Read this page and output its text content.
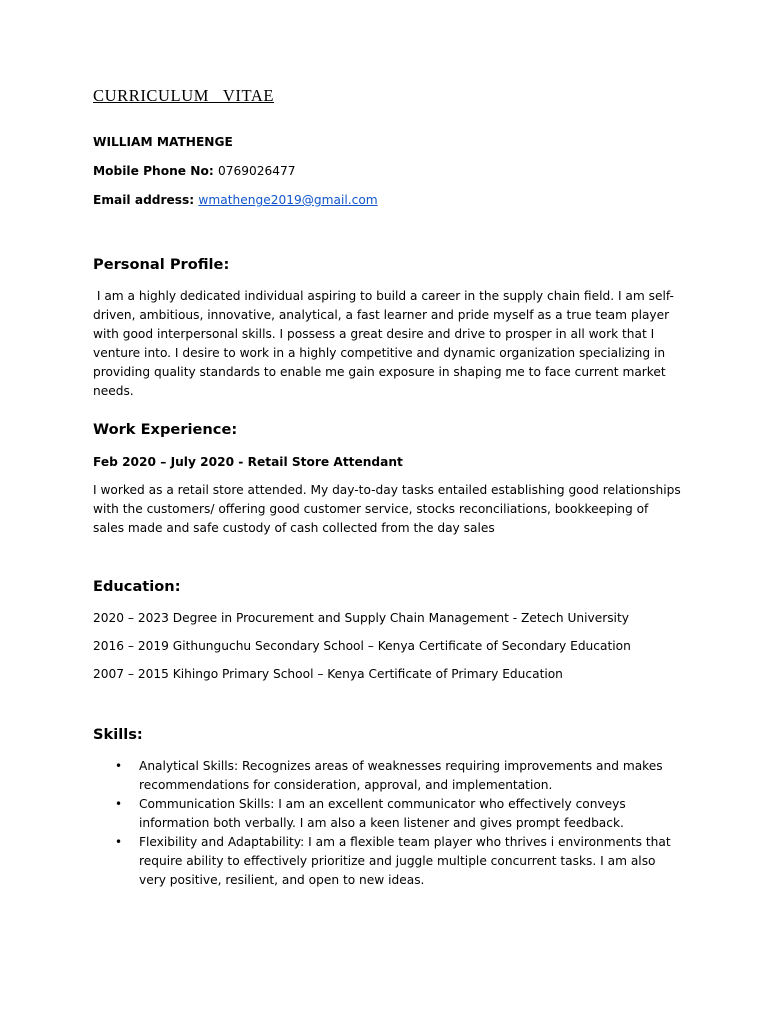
CURRICULUM   VITAE
WILLIAM MATHENGE
Mobile Phone No: 0769026477
Email address: wmathenge2019@gmail.com
Personal Profile:
I am a highly dedicated individual aspiring to build a career in the supply chain field. I am self-driven, ambitious, innovative, analytical, a fast learner and pride myself as a true team player with good interpersonal skills. I possess a great desire and drive to prosper in all work that I venture into. I desire to work in a highly competitive and dynamic organization specializing in providing quality standards to enable me gain exposure in shaping me to face current market needs.
Work Experience:
Feb 2020 – July 2020 - Retail Store Attendant
I worked as a retail store attended. My day-to-day tasks entailed establishing good relationships with the customers/ offering good customer service, stocks reconciliations, bookkeeping of sales made and safe custody of cash collected from the day sales
Education:
2020 – 2023 Degree in Procurement and Supply Chain Management - Zetech University
2016 – 2019 Githunguchu Secondary School – Kenya Certificate of Secondary Education
2007 – 2015 Kihingo Primary School – Kenya Certificate of Primary Education
Skills:
• Analytical Skills: Recognizes areas of weaknesses requiring improvements and makes recommendations for consideration, approval, and implementation.
• Communication Skills: I am an excellent communicator who effectively conveys information both verbally. I am also a keen listener and gives prompt feedback.
• Flexibility and Adaptability: I am a flexible team player who thrives i environments that require ability to effectively prioritize and juggle multiple concurrent tasks. I am also very positive, resilient, and open to new ideas.
